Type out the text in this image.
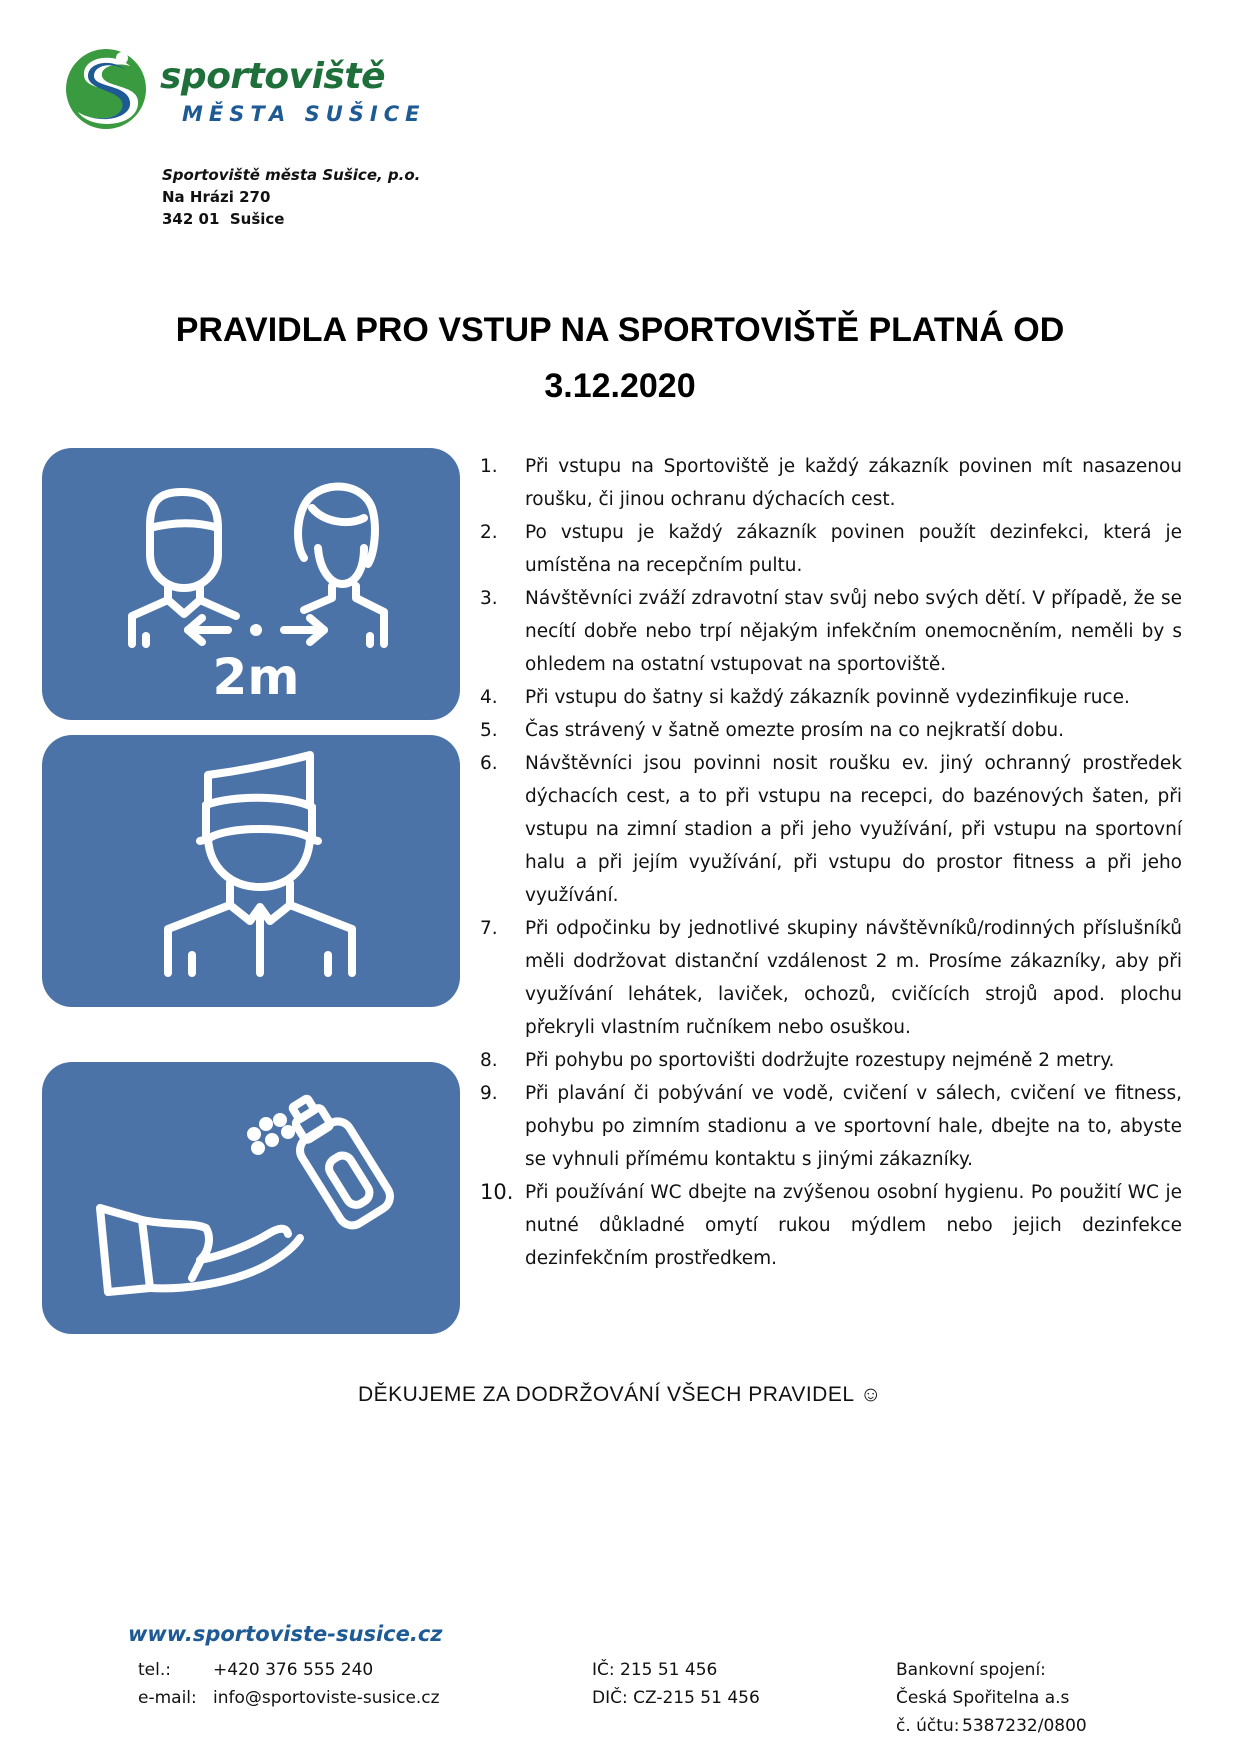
sportoviště
MĚSTA SUŠICE
Sportoviště města Sušice, p.o.
Na Hrázi 270
342 01  Sušice
PRAVIDLA PRO VSTUP NA SPORTOVIŠTĚ PLATNÁ OD
3.12.2020
2m
1. Při vstupu na Sportoviště je každý zákazník povinen mít nasazenou roušku, či jinou ochranu dýchacích cest.
2. Po vstupu je každý zákazník povinen použít dezinfekci, která je umístěna na recepčním pultu.
3. Návštěvníci zváží zdravotní stav svůj nebo svých dětí. V případě, že se necítí dobře nebo trpí nějakým infekčním onemocněním, neměli by s ohledem na ostatní vstupovat na sportoviště.
4. Při vstupu do šatny si každý zákazník povinně vydezinfikuje ruce.
5. Čas strávený v šatně omezte prosím na co nejkratší dobu.
6. Návštěvníci jsou povinni nosit roušku ev. jiný ochranný prostředek dýchacích cest, a to při vstupu na recepci, do bazénových šaten, při vstupu na zimní stadion a při jeho využívání, při vstupu na sportovní halu a při jejím využívání, při vstupu do prostor fitness a při jeho využívání.
7. Při odpočinku by jednotlivé skupiny návštěvníků/rodinných příslušníků měli dodržovat distanční vzdálenost 2 m. Prosíme zákazníky, aby při využívání lehátek, laviček, ochozů, cvičících strojů apod. plochu překryli vlastním ručníkem nebo osuškou.
8. Při pohybu po sportovišti dodržujte rozestupy nejméně 2 metry.
9. Při plavání či pobývání ve vodě, cvičení v sálech, cvičení ve fitness, pohybu po zimním stadionu a ve sportovní hale, dbejte na to, abyste se vyhnuli přímému kontaktu s jinými zákazníky.
10. Při používání WC dbejte na zvýšenou osobní hygienu. Po použití WC je nutné důkladné omytí rukou mýdlem nebo jejich dezinfekce dezinfekčním prostředkem.
DĚKUJEME ZA DODRŽOVÁNÍ VŠECH PRAVIDEL ☺
www.sportoviste-susice.cz
tel.: +420 376 555 240
e-mail: info@sportoviste-susice.cz
IČ: 215 51 456
DIČ: CZ-215 51 456
Bankovní spojení:
Česká Spořitelna a.s
č. účtu: 5387232/0800
